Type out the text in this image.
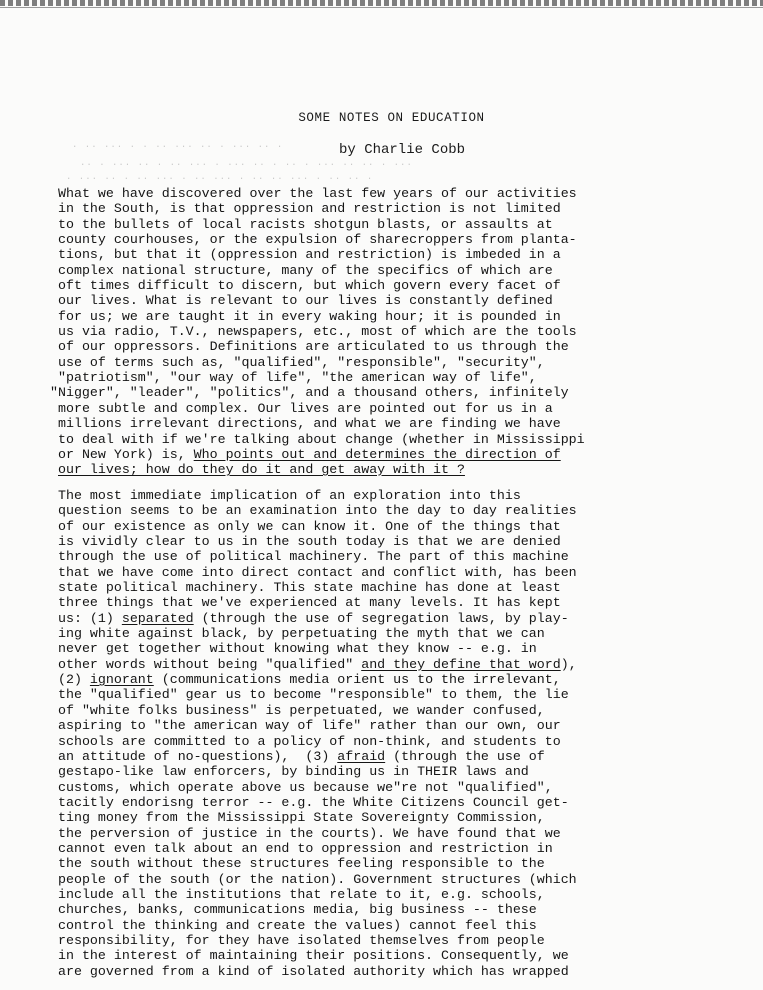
. .. ... . . .. ... .. . ... .. .
.. . ... .. . .. ... . ... .. . .. . ... .. .. . ...
. ... .. . .. ... . .. ... . .. .. ... . .. .. .
SOME NOTES ON EDUCATION
by Charlie Cobb
What we have discovered over the last few years of our activities
in the South, is that oppression and restriction is not limited
to the bullets of local racists shotgun blasts, or assaults at
county courhouses, or the expulsion of sharecroppers from planta-
tions, but that it (oppression and restriction) is imbeded in a
complex national structure, many of the specifics of which are
oft times difficult to discern, but which govern every facet of
our lives. What is relevant to our lives is constantly defined
for us; we are taught it in every waking hour; it is pounded in
us via radio, T.V., newspapers, etc., most of which are the tools
of our oppressors. Definitions are articulated to us through the
use of terms such as, "qualified", "responsible", "security",
"patriotism", "our way of life", "the american way of life",
"Nigger", "leader", "politics", and a thousand others, infinitely
more subtle and complex. Our lives are pointed out for us in a
millions irrelevant directions, and what we are finding we have
to deal with if we're talking about change (whether in Mississippi
or New York) is, Who points out and determines the direction of
our lives; how do they do it and get away with it ?
The most immediate implication of an exploration into this
question seems to be an examination into the day to day realities
of our existence as only we can know it. One of the things that
is vividly clear to us in the south today is that we are denied
through the use of political machinery. The part of this machine
that we have come into direct contact and conflict with, has been
state political machinery. This state machine has done at least
three things that we've experienced at many levels. It has kept
us: (1) separated (through the use of segregation laws, by play-
ing white against black, by perpetuating the myth that we can
never get together without knowing what they know -- e.g. in
other words without being "qualified" and they define that word),
(2) ignorant (communications media orient us to the irrelevant,
the "qualified" gear us to become "responsible" to them, the lie
of "white folks business" is perpetuated, we wander confused,
aspiring to "the american way of life" rather than our own, our
schools are committed to a policy of non-think, and students to
an attitude of no-questions),  (3) afraid (through the use of
gestapo-like law enforcers, by binding us in THEIR laws and
customs, which operate above us because we"re not "qualified",
tacitly endorisng terror -- e.g. the White Citizens Council get-
ting money from the Mississippi State Sovereignty Commission,
the perversion of justice in the courts). We have found that we
cannot even talk about an end to oppression and restriction in
the south without these structures feeling responsible to the
people of the south (or the nation). Government structures (which
include all the institutions that relate to it, e.g. schools,
churches, banks, communications media, big business -- these
control the thinking and create the values) cannot feel this
responsibility, for they have isolated themselves from people
in the interest of maintaining their positions. Consequently, we
are governed from a kind of isolated authority which has wrapped
